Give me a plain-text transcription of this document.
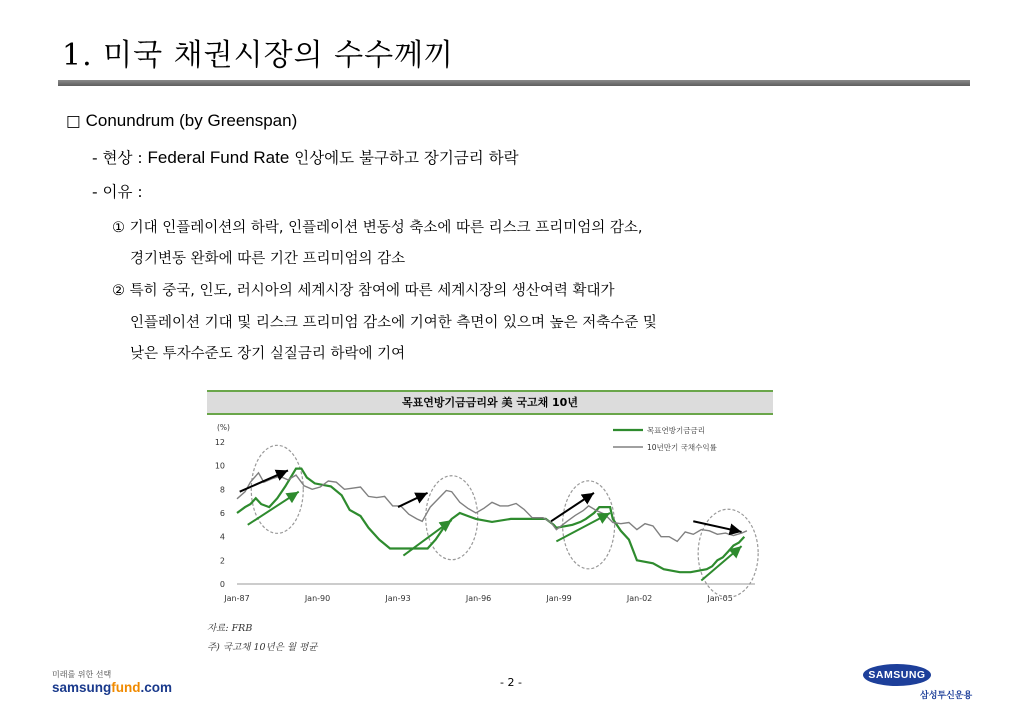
1. 미국 채권시장의 수수께끼
□ Conundrum (by Greenspan)
- 현상 : Federal Fund Rate 인상에도 불구하고 장기금리 하락
- 이유 :
① 기대 인플레이션의 하락, 인플레이션 변동성 축소에 따른 리스크 프리미엄의 감소,
경기변동 완화에 따른 기간 프리미엄의 감소
② 특히 중국, 인도, 러시아의 세계시장 참여에 따른 세계시장의 생산여력 확대가
인플레이션 기대 및 리스크 프리미엄 감소에 기여한 측면이 있으며 높은 저축수준 및
낮은 투자수준도 장기 실질금리 하락에 기여
목표연방기금금리와 美 국고채 10년
(%)
0
2
4
6
8
10
12
Jan-87	Jan-90	Jan-93	Jan-96	Jan-99	Jan-02	Jan-05
목표연방기금금리
10년만기 국채수익률
자료: FRB
주) 국고채 10년은 월 평균
미래를 위한 선택
samsungfund.com	- 2 -
SAMSUNG
삼성투신운용
